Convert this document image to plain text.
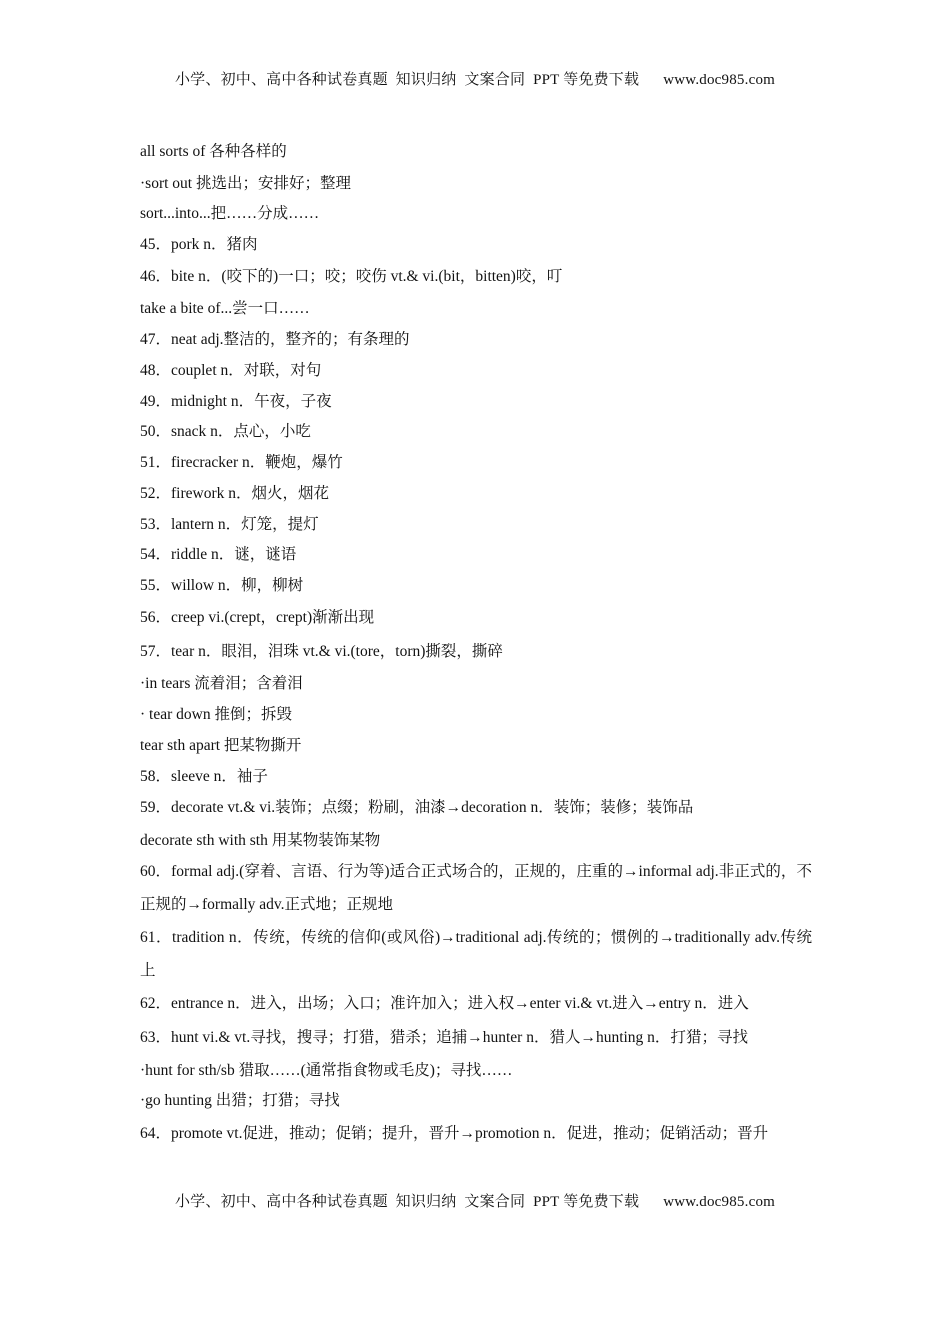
小学、初中、高中各种试卷真题  知识归纳  文案合同  PPT 等免费下载 www.doc985.com
all sorts of 各种各样的
·sort out 挑选出；安排好；整理
sort...into...把……分成……
45．pork n．猪肉
46．bite n．(咬下的)一口；咬；咬伤 vt.& vi.(bit，bitten)咬，叮
take a bite of...尝一口……
47．neat adj.整洁的，整齐的；有条理的
48．couplet n．对联，对句
49．midnight n．午夜，子夜
50．snack n．点心，小吃
51．firecracker n．鞭炮，爆竹
52．firework n．烟火，烟花
53．lantern n．灯笼，提灯
54．riddle n．谜，谜语
55．willow n．柳，柳树
56．creep vi.(crept，crept)渐渐出现
57．tear n．眼泪，泪珠 vt.& vi.(tore，torn)撕裂，撕碎
·in tears 流着泪；含着泪
· tear down 推倒；拆毁
tear sth apart 把某物撕开
58．sleeve n．袖子
59．decorate vt.& vi.装饰；点缀；粉刷，油漆→decoration n．装饰；装修；装饰品
decorate sth with sth 用某物装饰某物
60．formal adj.(穿着、言语、行为等)适合正式场合的，正规的，庄重的→informal adj.非正式的，不正规的→formally adv.正式地；正规地
61．tradition n．传统，传统的信仰(或风俗)→traditional adj.传统的；惯例的→traditionally adv.传统上
62．entrance n．进入，出场；入口；准许加入；进入权→enter vi.& vt.进入→entry n．进入
63．hunt vi.& vt.寻找，搜寻；打猎，猎杀；追捕→hunter n．猎人→hunting n．打猎；寻找
·hunt for sth/sb 猎取……(通常指食物或毛皮)；寻找……
·go hunting 出猎；打猎；寻找
64．promote vt.促进，推动；促销；提升，晋升→promotion n．促进，推动；促销活动；晋升
小学、初中、高中各种试卷真题  知识归纳  文案合同  PPT 等免费下载 www.doc985.com
